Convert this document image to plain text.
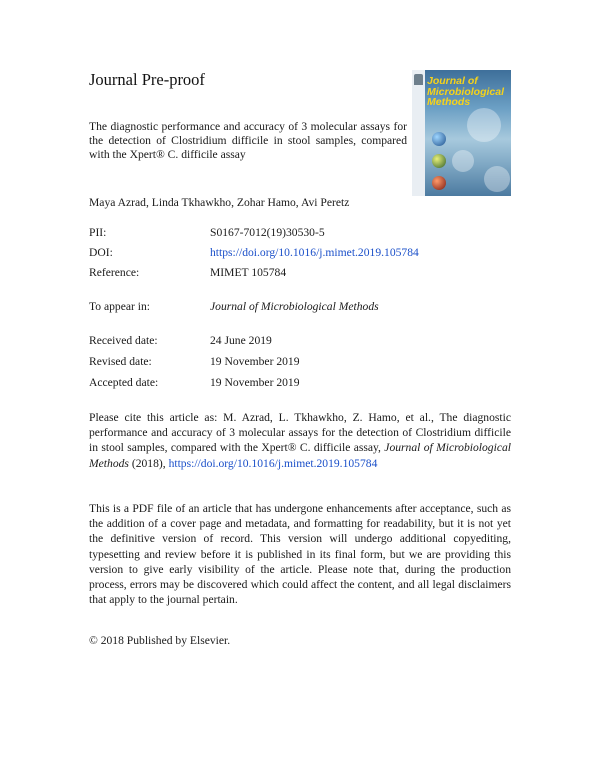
Journal Pre-proof
The diagnostic performance and accuracy of 3 molecular assays for the detection of Clostridium difficile in stool samples, compared with the Xpert® C. difficile assay
Maya Azrad, Linda Tkhawkho, Zohar Hamo, Avi Peretz
PII:	S0167-7012(19)30530-5
DOI:	https://doi.org/10.1016/j.mimet.2019.105784
Reference:	MIMET 105784
To appear in:	Journal of Microbiological Methods
Received date:	24 June 2019
Revised date:	19 November 2019
Accepted date:	19 November 2019
Please cite this article as: M. Azrad, L. Tkhawkho, Z. Hamo, et al., The diagnostic performance and accuracy of 3 molecular assays for the detection of Clostridium difficile in stool samples, compared with the Xpert® C. difficile assay, Journal of Microbiological Methods (2018), https://doi.org/10.1016/j.mimet.2019.105784
This is a PDF file of an article that has undergone enhancements after acceptance, such as the addition of a cover page and metadata, and formatting for readability, but it is not yet the definitive version of record. This version will undergo additional copyediting, typesetting and review before it is published in its final form, but we are providing this version to give early visibility of the article. Please note that, during the production process, errors may be discovered which could affect the content, and all legal disclaimers that apply to the journal pertain.
© 2018 Published by Elsevier.
Journal of
Microbiological
Methods
